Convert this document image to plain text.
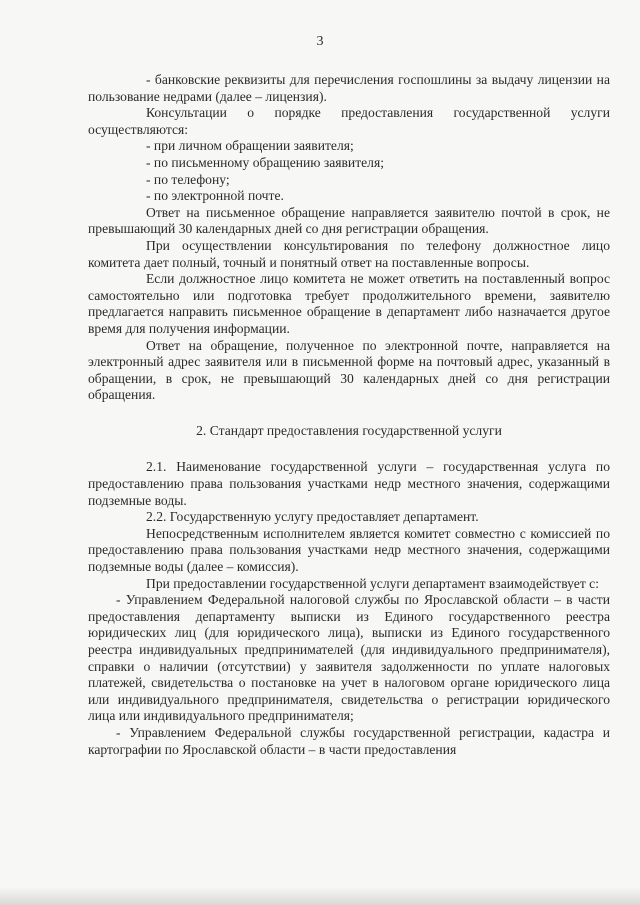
3

- банковские реквизиты для перечисления госпошлины за выдачу лицензии на пользование недрами (далее – лицензия).

Консультации о порядке предоставления государственной услуги осуществляются:

- при личном обращении заявителя;

- по письменному обращению заявителя;

- по телефону;

- по электронной почте.

Ответ на письменное обращение направляется заявителю почтой в срок, не превышающий 30 календарных дней со дня регистрации обращения.

При осуществлении консультирования по телефону должностное лицо комитета дает полный, точный и понятный ответ на поставленные вопросы.

Если должностное лицо комитета не может ответить на поставленный вопрос самостоятельно или подготовка требует продолжительного времени, заявителю предлагается направить письменное обращение в департамент либо назначается другое время для получения информации.

Ответ на обращение, полученное по электронной почте, направляется на электронный адрес заявителя или в письменной форме на почтовый адрес, указанный в обращении, в срок, не превышающий 30 календарных дней со дня регистрации обращения.

2. Стандарт предоставления государственной услуги

2.1. Наименование государственной услуги – государственная услуга по предоставлению права пользования участками недр местного значения, содержащими подземные воды.

2.2. Государственную услугу предоставляет департамент.

Непосредственным исполнителем является комитет совместно с комиссией по предоставлению права пользования участками недр местного значения, содержащими подземные воды (далее – комиссия).

При предоставлении государственной услуги департамент взаимодействует с:

- Управлением Федеральной налоговой службы по Ярославской области – в части предоставления департаменту выписки из Единого государственного реестра юридических лиц (для юридического лица), выписки из Единого государственного реестра индивидуальных предпринимателей (для индивидуального предпринимателя), справки о наличии (отсутствии) у заявителя задолженности по уплате налоговых платежей, свидетельства о постановке на учет в налоговом органе юридического лица или индивидуального предпринимателя, свидетельства о регистрации юридического лица или индивидуального предпринимателя;

- Управлением Федеральной службы государственной регистрации, кадастра и картографии по Ярославской области – в части предоставления
